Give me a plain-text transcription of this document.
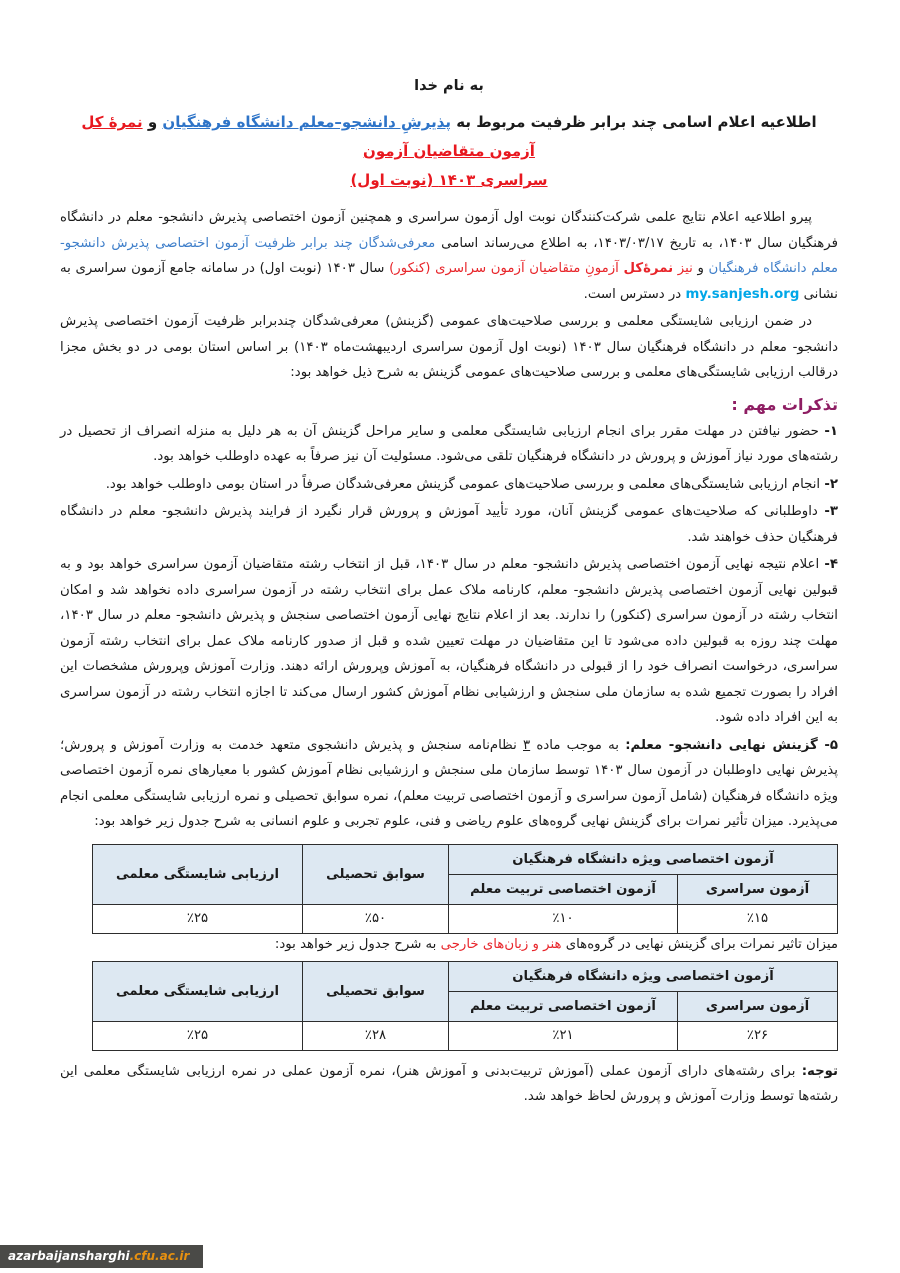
به نام خدا
اطلاعیه اعلام اسامی چند برابر ظرفیت مربوط به پذیرشِ دانشجو–معلم دانشگاه فرهنگیان و نمرهٔ کل آزمون متقاضیان آزمون
سراسری ۱۴۰۳ (نوبت اول)

پیرو اطلاعیه اعلام نتایج علمی شرکت‌کنندگان نوبت اول آزمون سراسری و همچنین آزمون اختصاصی پذیرش دانشجو- معلم در دانشگاه فرهنگیان سال ۱۴۰۳، به تاریخ ۱۴۰۳/۰۳/۱۷، به اطلاع می‌رساند اسامی معرفی‌شدگان چند برابر ظرفیت آزمون اختصاصی پذیرش دانشجو- معلم دانشگاه فرهنگیان و نیز نمرهٔ‌کل آزمونِ متقاضیان آزمون سراسری (کنکور) سال ۱۴۰۳ (نوبت اول) در سامانه جامع آزمون سراسری به نشانی my.sanjesh.org در دسترس است.

در ضمن ارزیابی شایستگی معلمی و بررسی صلاحیت‌های عمومی (گزینش) معرفی‌شدگان چندبرابر ظرفیت آزمون اختصاصی پذیرش دانشجو- معلم در دانشگاه فرهنگیان سال ۱۴۰۳ (نوبت اول آزمون سراسری اردیبهشت‌ماه ۱۴۰۳) بر اساس استان بومی در دو بخش مجزا درقالب ارزیابی شایستگی‌های معلمی و بررسی صلاحیت‌های عمومی گزینش به شرح ذیل خواهد بود:

تذکرات مهم :

۱- حضور نیافتن در مهلت مقرر برای انجام ارزیابی شایستگی معلمی و سایر مراحل گزینش آن به هر دلیل به منزله انصراف از تحصیل در رشته‌های مورد نیاز آموزش و پرورش در دانشگاه فرهنگیان تلقی می‌شود. مسئولیت آن نیز صرفاً به عهده داوطلب خواهد بود.

۲- انجام ارزیابی شایستگی‌های معلمی و بررسی صلاحیت‌های عمومی گزینش معرفی‌شدگان صرفاً در استان بومی داوطلب خواهد بود.

۳- داوطلبانی که صلاحیت‌های عمومی گزینش آنان، مورد تأیید آموزش و پرورش قرار نگیرد از فرایند پذیرش دانشجو- معلم در دانشگاه فرهنگیان حذف خواهند شد.

۴- اعلام نتیجه نهایی آزمون اختصاصی پذیرش دانشجو- معلم در سال ۱۴۰۳، قبل از انتخاب رشته متقاضیان آزمون سراسری خواهد بود و به قبولین نهایی آزمون اختصاصی پذیرش دانشجو- معلم، کارنامه ملاک عمل برای انتخاب رشته در آزمون سراسری داده نخواهد شد و امکان انتخاب رشته در آزمون سراسری (کنکور) را ندارند. بعد از اعلام نتایج نهایی آزمون اختصاصی سنجش و پذیرش دانشجو- معلم در سال ۱۴۰۳، مهلت چند روزه به قبولین داده می‌شود تا این متقاضیان در مهلت تعیین شده و قبل از صدور کارنامه ملاک عمل برای انتخاب رشته آزمون سراسری، درخواست انصراف خود را از قبولی در دانشگاه فرهنگیان، به آموزش وپرورش ارائه دهند. وزارت آموزش وپرورش مشخصات این افراد را بصورت تجمیع شده به سازمان ملی سنجش و ارزشیابی نظام آموزش کشور ارسال می‌کند تا اجازه انتخاب رشته در آزمون سراسری به این افراد داده شود.

۵- گزینش نهایی دانشجو- معلم: به موجب ماده ۳ نظام‌نامه سنجش و پذیرش دانشجوی متعهد خدمت به وزارت آموزش و پرورش؛ پذیرش نهایی داوطلبان در آزمون سال ۱۴۰۳ توسط سازمان ملی سنجش و ارزشیابی نظام آموزش کشور با معیارهای نمره آزمون اختصاصی ویژه دانشگاه فرهنگیان (شامل آزمون سراسری و آزمون اختصاصی تربیت معلم)، نمره سوابق تحصیلی و نمره ارزیابی شایستگی معلمی انجام می‌پذیرد. میزان تأثیر نمرات برای گزینش نهایی گروه‌های علوم ریاضی و فنی، علوم تجربی و علوم انسانی به شرح جدول زیر خواهد بود:

آزمون اختصاصی ویژه دانشگاه فرهنگیان		سوابق تحصیلی	ارزیابی شایستگی معلمی
آزمون سراسری	آزمون اختصاصی تربیت معلم		
٪۱۵	٪۱۰	٪۵۰	٪۲۵

میزان تاثیر نمرات برای گزینش نهایی در گروه‌های هنر و زبان‌های خارجی به شرح جدول زیر خواهد بود:

آزمون اختصاصی ویژه دانشگاه فرهنگیان		سوابق تحصیلی	ارزیابی شایستگی معلمی
آزمون سراسری	آزمون اختصاصی تربیت معلم		
٪۲۶	٪۲۱	٪۲۸	٪۲۵

توجه: برای رشته‌های دارای آزمون عملی (آموزش تربیت‌بدنی و آموزش هنر)، نمره آزمون عملی در نمره ارزیابی شایستگی معلمی این رشته‌ها توسط وزارت آموزش و پرورش لحاظ خواهد شد.

azarbaijansharghi.cfu.ac.ir
